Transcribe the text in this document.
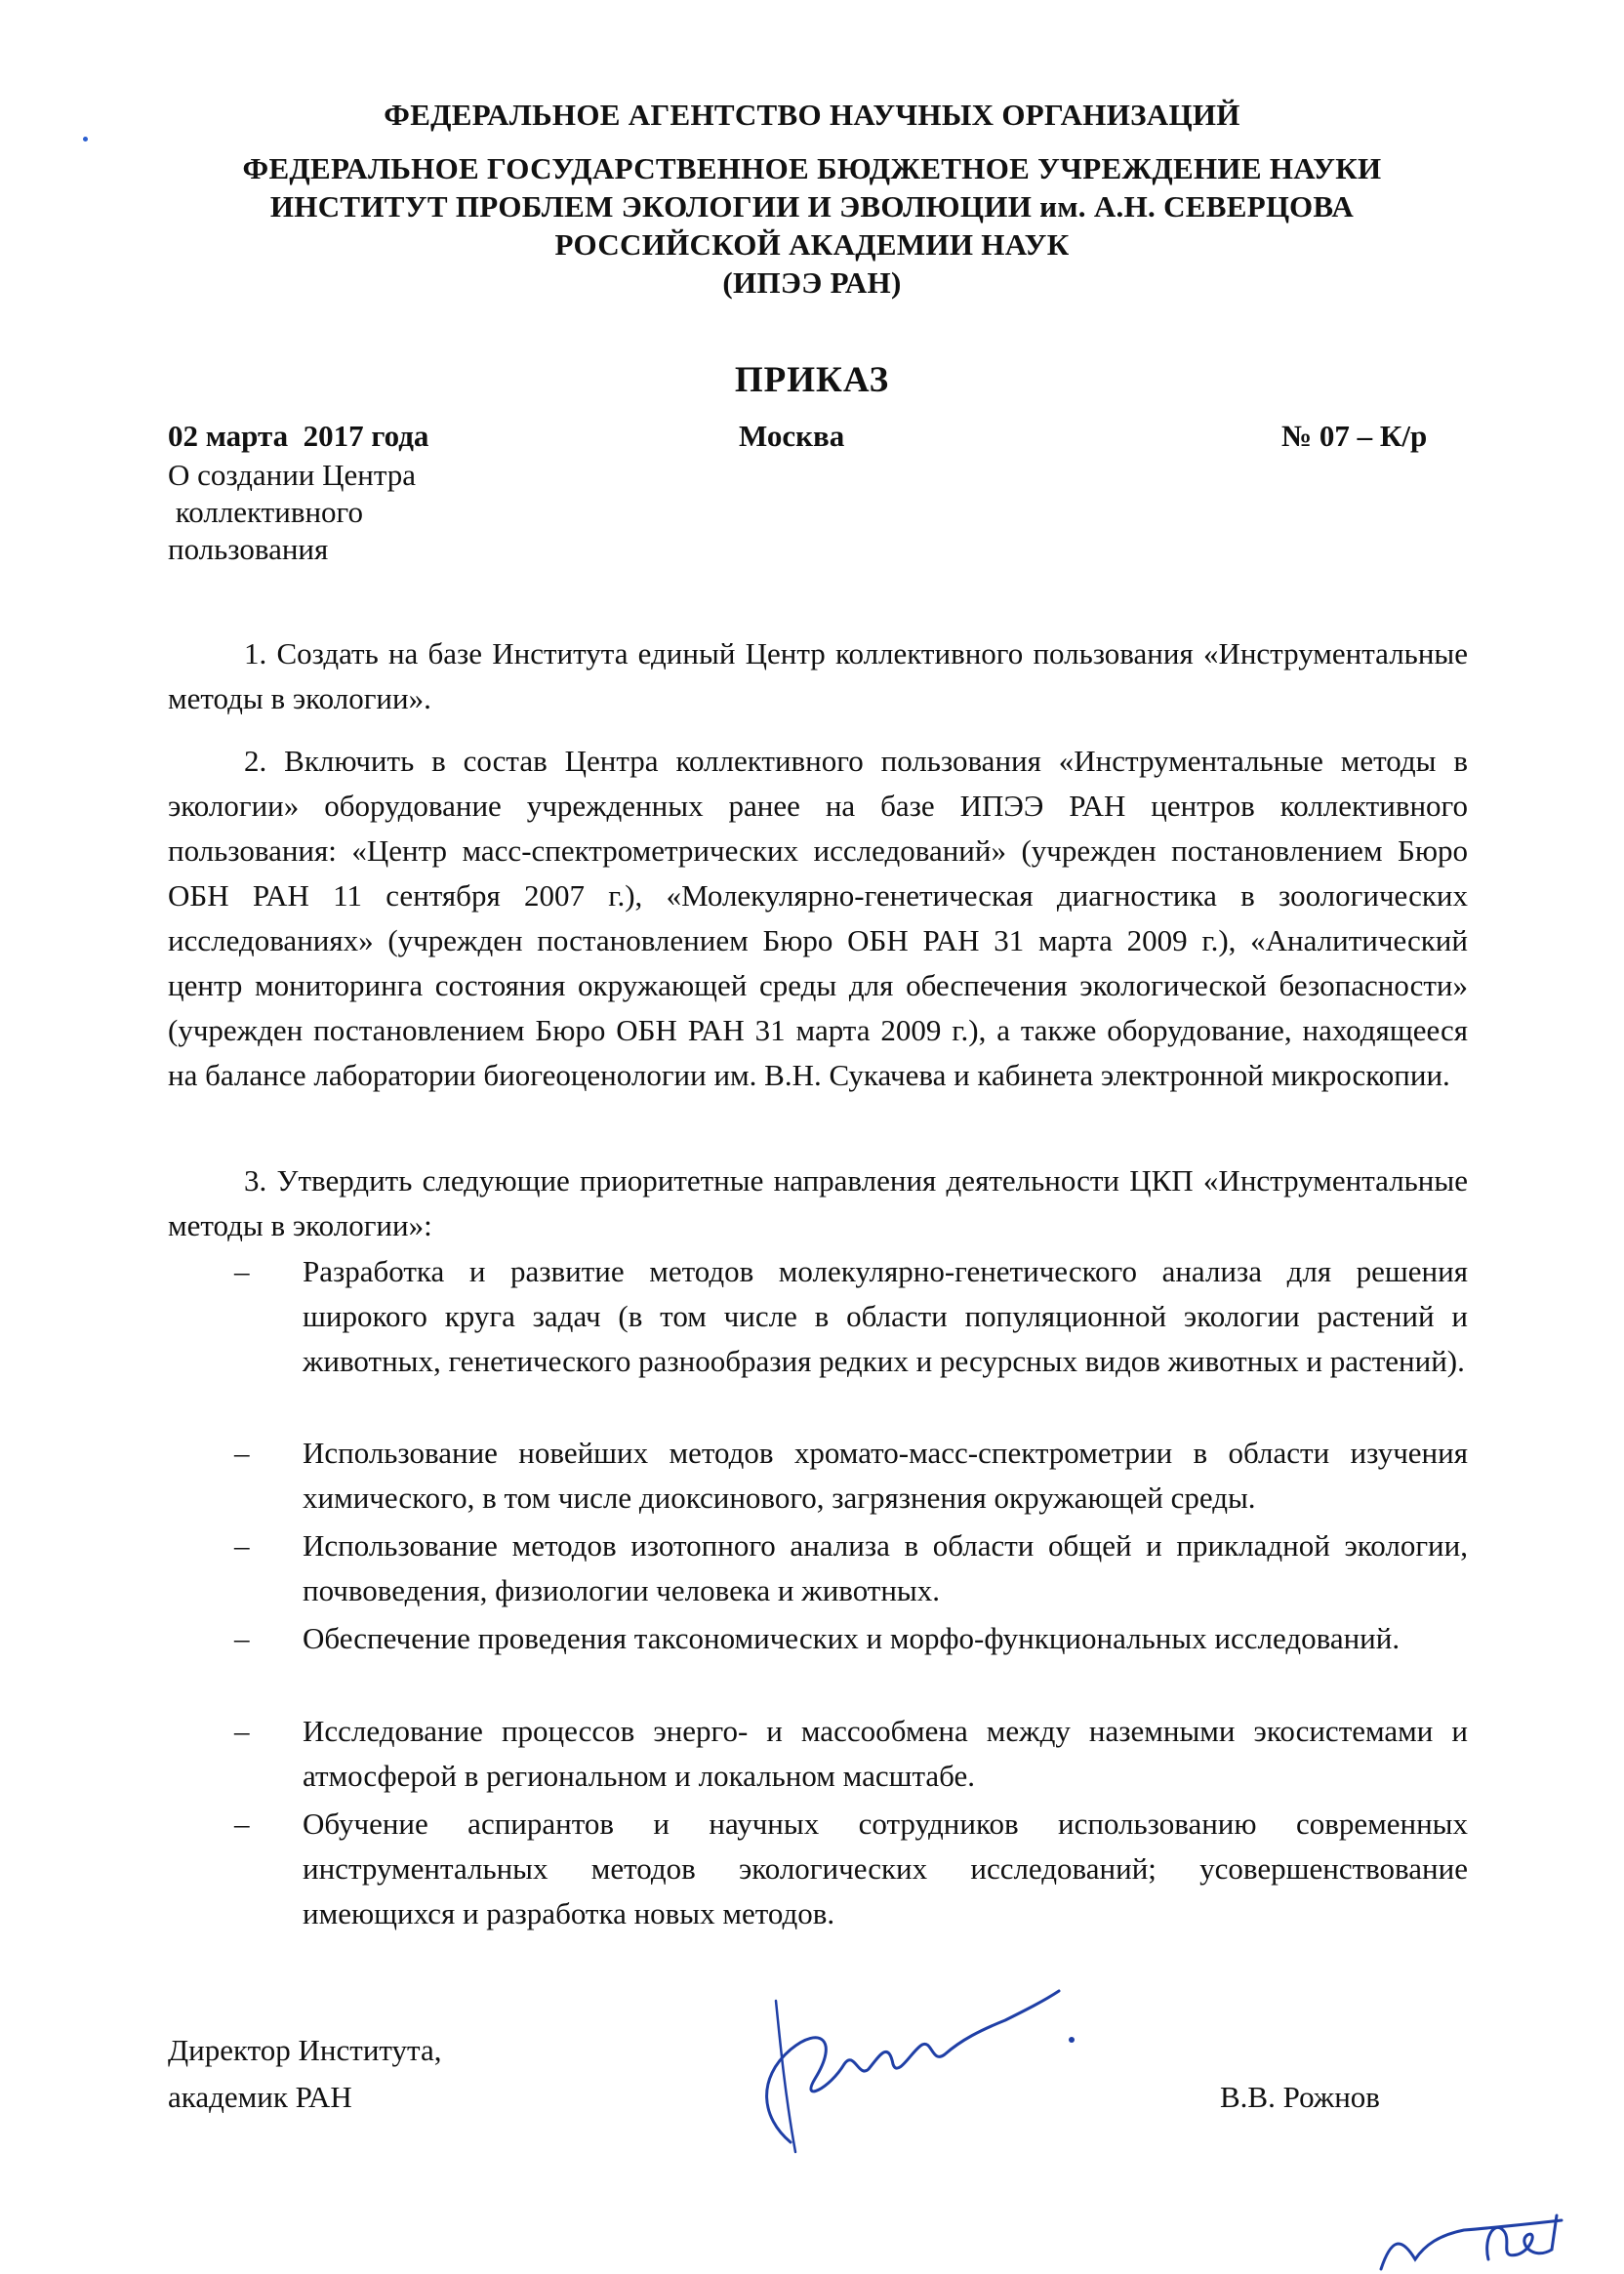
ФЕДЕРАЛЬНОЕ АГЕНТСТВО НАУЧНЫХ ОРГАНИЗАЦИЙ
ФЕДЕРАЛЬНОЕ ГОСУДАРСТВЕННОЕ БЮДЖЕТНОЕ УЧРЕЖДЕНИЕ НАУКИ
ИНСТИТУТ ПРОБЛЕМ ЭКОЛОГИИ И ЭВОЛЮЦИИ им. А.Н. СЕВЕРЦОВА
РОССИЙСКОЙ АКАДЕМИИ НАУК
(ИПЭЭ РАН)
ПРИКАЗ
02 марта  2017 года	Москва	№ 07 – К/р
О создании Центра
коллективного
пользования
1. Создать на базе Института единый Центр коллективного пользования «Инструментальные методы в экологии».
2. Включить в состав Центра коллективного пользования «Инструментальные методы в экологии» оборудование учрежденных ранее на базе ИПЭЭ РАН центров коллективного пользования: «Центр масс-спектрометрических исследований» (учрежден постановлением Бюро ОБН РАН 11 сентября 2007 г.), «Молекулярно-генетическая диагностика в зоологических исследованиях» (учрежден постановлением Бюро ОБН РАН 31 марта 2009 г.), «Аналитический центр мониторинга состояния окружающей среды для обеспечения экологической безопасности» (учрежден постановлением Бюро ОБН РАН 31 марта 2009 г.), а также оборудование, находящееся на балансе лаборатории биогеоценологии им. В.Н. Сукачева и кабинета электронной микроскопии.
3. Утвердить следующие приоритетные направления деятельности ЦКП «Инструментальные методы в экологии»:
– Разработка и развитие методов молекулярно-генетического анализа для решения широкого круга задач (в том числе в области популяционной экологии растений и животных, генетического разнообразия редких и ресурсных видов животных и растений).
– Использование новейших методов хромато-масс-спектрометрии в области изучения химического, в том числе диоксинового, загрязнения окружающей среды.
– Использование методов изотопного анализа в области общей и прикладной экологии, почвоведения, физиологии человека и животных.
– Обеспечение проведения таксономических и морфо-функциональных исследований.
– Исследование процессов энерго- и массообмена между наземными экосистемами и атмосферой в региональном и локальном масштабе.
– Обучение аспирантов и научных сотрудников использованию современных инструментальных методов экологических исследований; усовершенствование имеющихся и разработка новых методов.
Директор Института,
академик РАН	В.В. Рожнов
